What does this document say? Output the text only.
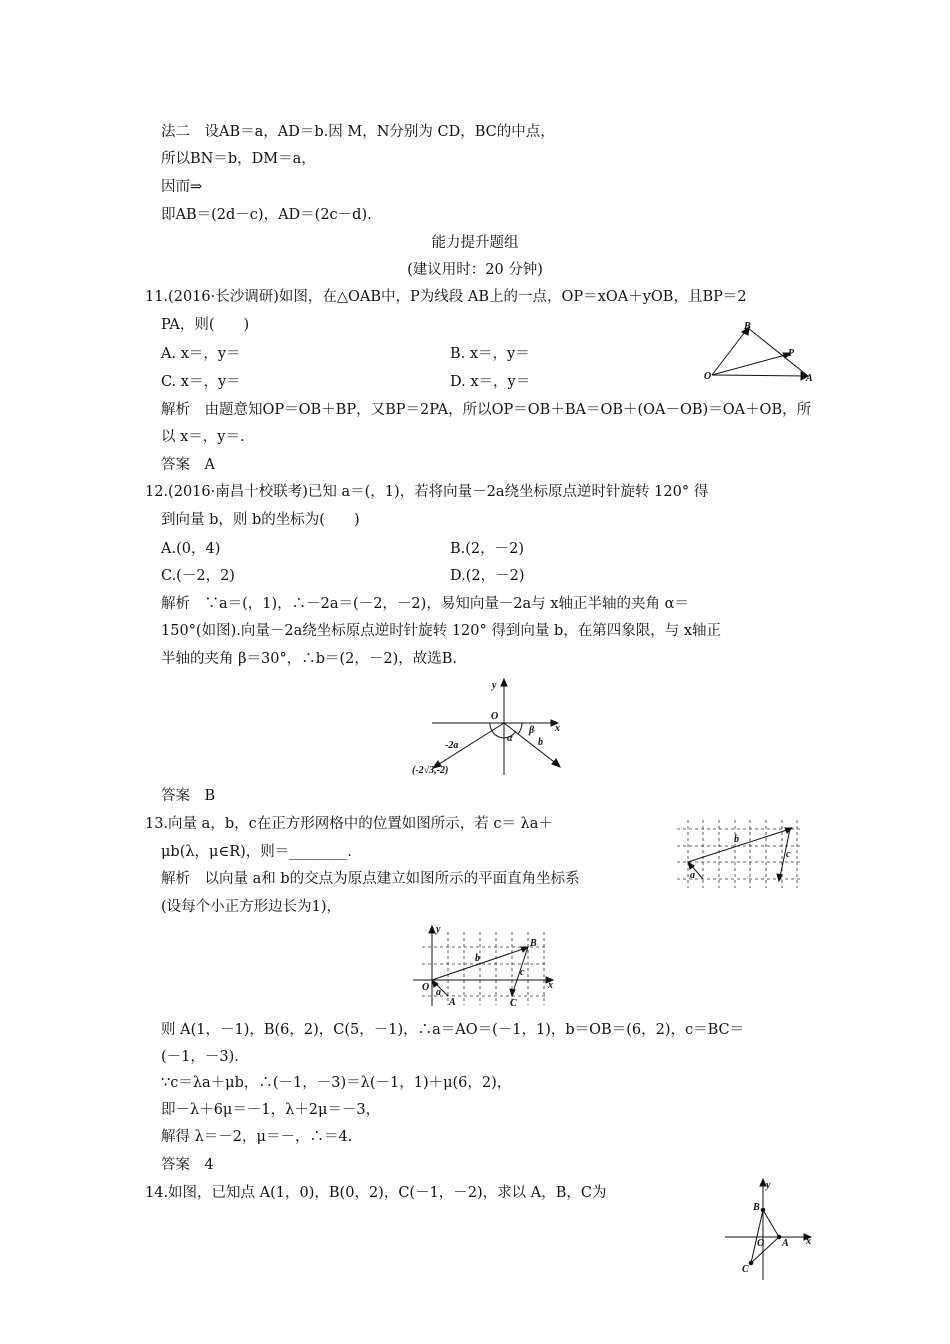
法二　设AB＝a，AD＝b.因 M，N分别为 CD，BC的中点，
所以BN＝b，DM＝a，
因而⇒
即AB＝(2d－c)，AD＝(2c－d).
能力提升题组
(建议用时：20 分钟)
11.(2016·长沙调研)如图，在△OAB中，P为线段 AB上的一点，OP＝xOA＋yOB，且BP＝2
PA，则(　　)
A. x＝，y＝	B. x＝，y＝
C. x＝，y＝	D. x＝，y＝
解析　由题意知OP＝OB＋BP，又BP＝2PA，所以OP＝OB＋BA＝OB＋(OA－OB)＝OA＋OB，所
以 x＝，y＝.
答案　A
O	A
B
P
12.(2016·南昌十校联考)已知 a＝(，1)，若将向量－2a绕坐标原点逆时针旋转 120° 得
到向量 b，则 b的坐标为(　　)
A.(0，4)	B.(2，－2)
C.(－2，2)	D.(2，－2)
解析　∵a＝(，1)，∴－2a＝(－2，－2)，易知向量－2a与 x轴正半轴的夹角 α＝
150°(如图).向量－2a绕坐标原点逆时针旋转 120° 得到向量 b，在第四象限，与 x轴正
半轴的夹角 β＝30°，∴b＝(2，－2)，故选B.
y
O
x
-2a
α
β
b
(-2√3,-2)
答案　B
13.向量 a，b，c在正方形网格中的位置如图所示，若 c＝ λa＋
μb(λ，μ∈R)，则＝________.
解析　以向量 a和 b的交点为原点建立如图所示的平面直角坐标系
(设每个小正方形边长为1)，
a
b
c
y
x
O a
A
B
C
b
c
则 A(1，－1)，B(6，2)，C(5，－1)，∴a＝AO＝(－1，1)，b＝OB＝(6，2)，c＝BC＝
(－1，－3).
∵c＝λa＋μb，∴(－1，－3)＝λ(－1，1)＋μ(6，2)，
即－λ＋6μ＝－1，λ＋2μ＝－3，
解得 λ＝－2，μ＝－，∴＝4.
答案　4
14.如图，已知点 A(1，0)，B(0，2)，C(－1，－2)，求以 A，B，C为	y
x
B
O A
C
